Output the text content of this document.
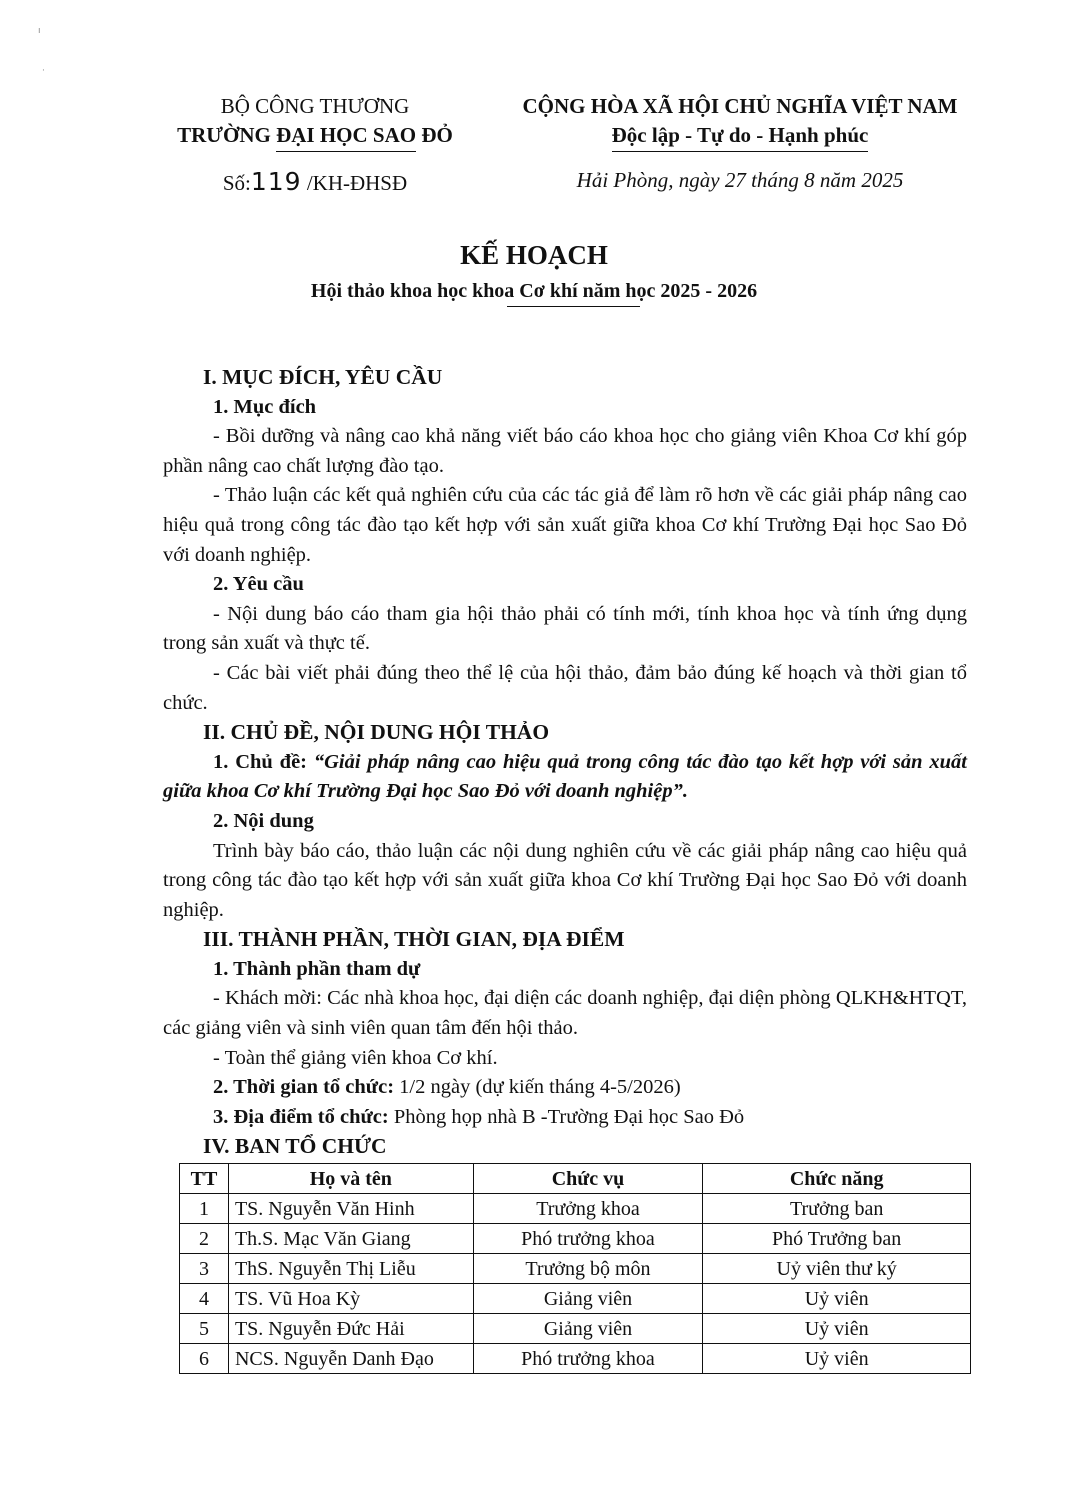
ı
·
BỘ CÔNG THƯƠNG
TRƯỜNG ĐẠI HỌC SAO ĐỎ
CỘNG HÒA XÃ HỘI CHỦ NGHĨA VIỆT NAM
Độc lập - Tự do - Hạnh phúc
Số:119 /KH-ĐHSĐ	Hải Phòng, ngày 27 tháng 8 năm 2025
KẾ HOẠCH
Hội thảo khoa học khoa Cơ khí năm học 2025 - 2026

I. MỤC ĐÍCH, YÊU CẦU

1. Mục đích

- Bồi dưỡng và nâng cao khả năng viết báo cáo khoa học cho giảng viên Khoa Cơ khí góp phần nâng cao chất lượng đào tạo.

- Thảo luận các kết quả nghiên cứu của các tác giả để làm rõ hơn về các giải pháp nâng cao hiệu quả trong công tác đào tạo kết hợp với sản xuất giữa khoa Cơ khí Trường Đại học Sao Đỏ với doanh nghiệp.

2. Yêu cầu

- Nội dung báo cáo tham gia hội thảo phải có tính mới, tính khoa học và tính ứng dụng trong sản xuất và thực tế.

- Các bài viết phải đúng theo thể lệ của hội thảo, đảm bảo đúng kế hoạch và thời gian tổ chức.

II. CHỦ ĐỀ, NỘI DUNG HỘI THẢO

1. Chủ đề: “Giải pháp nâng cao hiệu quả trong công tác đào tạo kết hợp với sản xuất giữa khoa Cơ khí Trường Đại học Sao Đỏ với doanh nghiệp”.

2. Nội dung

Trình bày báo cáo, thảo luận các nội dung nghiên cứu về các giải pháp nâng cao hiệu quả trong công tác đào tạo kết hợp với sản xuất giữa khoa Cơ khí Trường Đại học Sao Đỏ với doanh nghiệp.

III. THÀNH PHẦN, THỜI GIAN, ĐỊA ĐIỂM

1. Thành phần tham dự

- Khách mời: Các nhà khoa học, đại diện các doanh nghiệp, đại diện phòng QLKH&HTQT, các giảng viên và sinh viên quan tâm đến hội thảo.

- Toàn thể giảng viên khoa Cơ khí.

2. Thời gian tổ chức: 1/2 ngày (dự kiến tháng 4-5/2026)

3. Địa điểm tổ chức: Phòng họp nhà B -Trường Đại học Sao Đỏ

IV. BAN TỔ CHỨC

TT	Họ và tên	Chức vụ	Chức năng
1	TS. Nguyễn Văn Hinh	Trưởng khoa	Trưởng ban
2	Th.S. Mạc Văn Giang	Phó trưởng khoa	Phó Trưởng ban
3	ThS. Nguyễn Thị Liễu	Trưởng bộ môn	Uỷ viên thư ký
4	TS. Vũ Hoa Kỳ	Giảng viên	Uỷ viên
5	TS. Nguyễn Đức Hải	Giảng viên	Uỷ viên
6	NCS. Nguyễn Danh Đạo	Phó trưởng khoa	Uỷ viên
